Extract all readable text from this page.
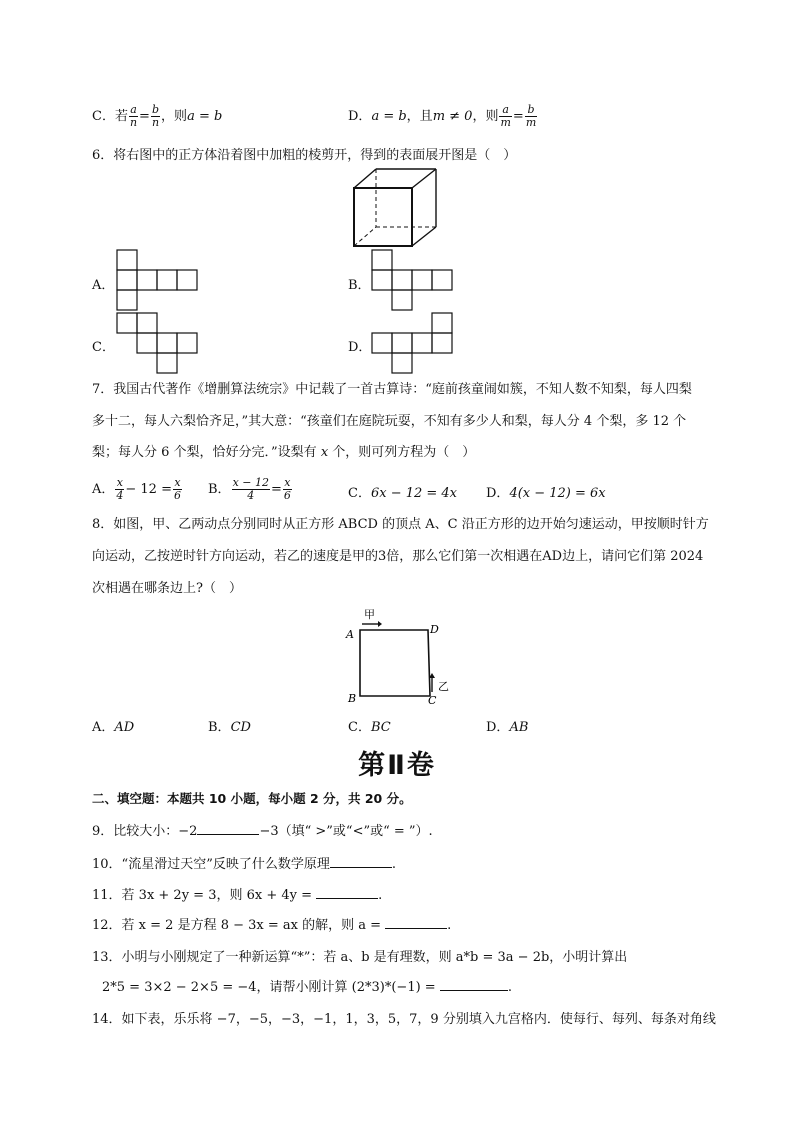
C．若 $\frac{a}{n} = \frac{b}{n}$ ，则a = b	D．a = b，且m ≠ 0，则 $\frac{a}{m} = \frac{b}{m}$
6．将右图中的正方体沿着图中加粗的棱剪开，得到的表面展开图是（　）
A．	B．
C．	D．
7．我国古代著作《增删算法统宗》中记载了一首古算诗：“庭前孩童闹如簇，不知人数不知梨，每人四梨
多十二，每人六梨恰齐足，”其大意：“孩童们在庭院玩耍，不知有多少人和梨，每人分 4 个梨，多 12 个
梨；每人分 6 个梨，恰好分完．”设梨有 x 个，则可列方程为（　）
A． $\frac{x}{4} - 12 = \frac{x}{6}$ B． $\frac{x - 12}{4} = \frac{x}{6}$	C．6x − 12 = 4x D．4(x − 12) = 6x
8．如图，甲、乙两动点分别同时从正方形 ABCD 的顶点 A、C 沿正方形的边开始匀速运动，甲按顺时针方
向运动，乙按逆时针方向运动，若乙的速度是甲的3倍，那么它们第一次相遇在AD边上，请问它们第 2024
次相遇在哪条边上?（　）
A
B	C
D
甲
乙
A．AD	B．CD	C．BC	D．AB
第Ⅱ卷
二、填空题：本题共 10 小题，每小题 2 分，共 20 分。
9．比较大小：−2	−3（填“ >”或“<”或“ = ”）.
10．“流星滑过天空”反映了什么数学原理	.
11．若 3x + 2y = 3，则 6x + 4y =	.
12．若 x = 2 是方程 8 − 3x = ax 的解，则 a =	.
13．小明与小刚规定了一种新运算“*”：若 a、b 是有理数，则 a*b = 3a − 2b，小明计算出
2*5 = 3×2 − 2×5 = −4，请帮小刚计算 (2*3)*(−1) =	.
14．如下表，乐乐将 −7，−5，−3，−1，1，3，5，7，9 分别填入九宫格内．使每行、每列、每条对角线
